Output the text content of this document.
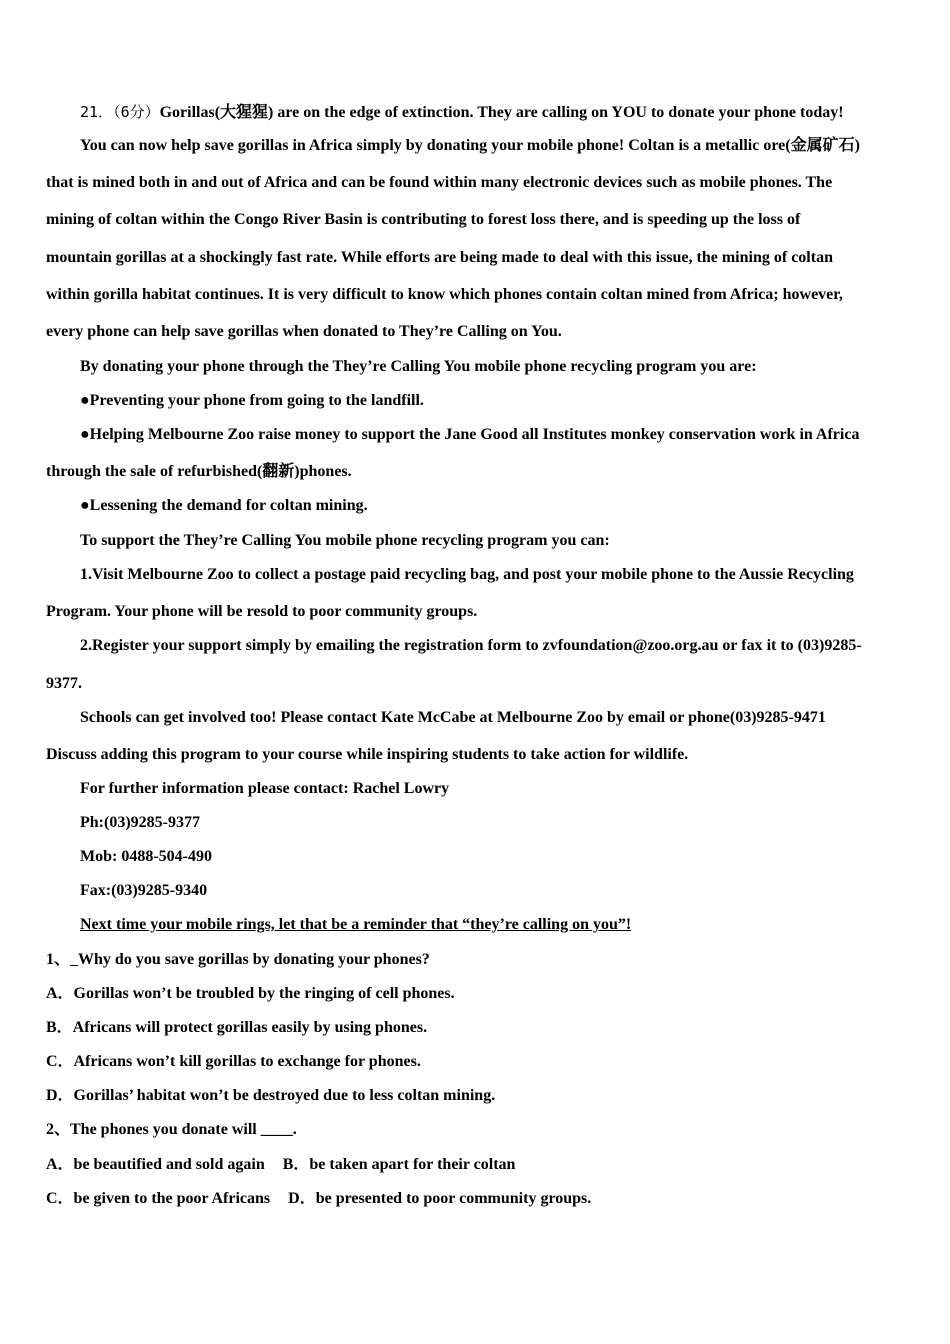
21．（6分）Gorillas(大猩猩) are on the edge of extinction. They are calling on YOU to donate your phone today!
You can now help save gorillas in Africa simply by donating your mobile phone! Coltan is a metallic ore(金属矿石)
that is mined both in and out of Africa and can be found within many electronic devices such as mobile phones. The
mining of coltan within the Congo River Basin is contributing to forest loss there, and is speeding up the loss of
mountain gorillas at a shockingly fast rate. While efforts are being made to deal with this issue, the mining of coltan
within gorilla habitat continues. It is very difficult to know which phones contain coltan mined from Africa; however,
every phone can help save gorillas when donated to They’re Calling on You.
By donating your phone through the They’re Calling You mobile phone recycling program you are:
●Preventing your phone from going to the landfill.
●Helping Melbourne Zoo raise money to support the Jane Good all Institutes monkey conservation work in Africa
through the sale of refurbished(翻新)phones.
●Lessening the demand for coltan mining.
To support the They’re Calling You mobile phone recycling program you can:
1.Visit Melbourne Zoo to collect a postage paid recycling bag, and post your mobile phone to the Aussie Recycling
Program. Your phone will be resold to poor community groups.
2.Register your support simply by emailing the registration form to zvfoundation@zoo.org.au or fax it to (03)9285-
9377.
Schools can get involved too! Please contact Kate McCabe at Melbourne Zoo by email or phone(03)9285-9471
Discuss adding this program to your course while inspiring students to take action for wildlife.
For further information please contact: Rachel Lowry
Ph:(03)9285-9377
Mob: 0488-504-490
Fax:(03)9285-9340
Next time your mobile rings, let that be a reminder that “they’re calling on you”!
1、 Why do you save gorillas by donating your phones?
A．Gorillas won’t be troubled by the ringing of cell phones.
B．Africans will protect gorillas easily by using phones.
C．Africans won’t kill gorillas to exchange for phones.
D．Gorillas’ habitat won’t be destroyed due to less coltan mining.
2、The phones you donate will ____.
A．be beautified and sold again B．be taken apart for their coltan
C．be given to the poor Africans D．be presented to poor community groups.
